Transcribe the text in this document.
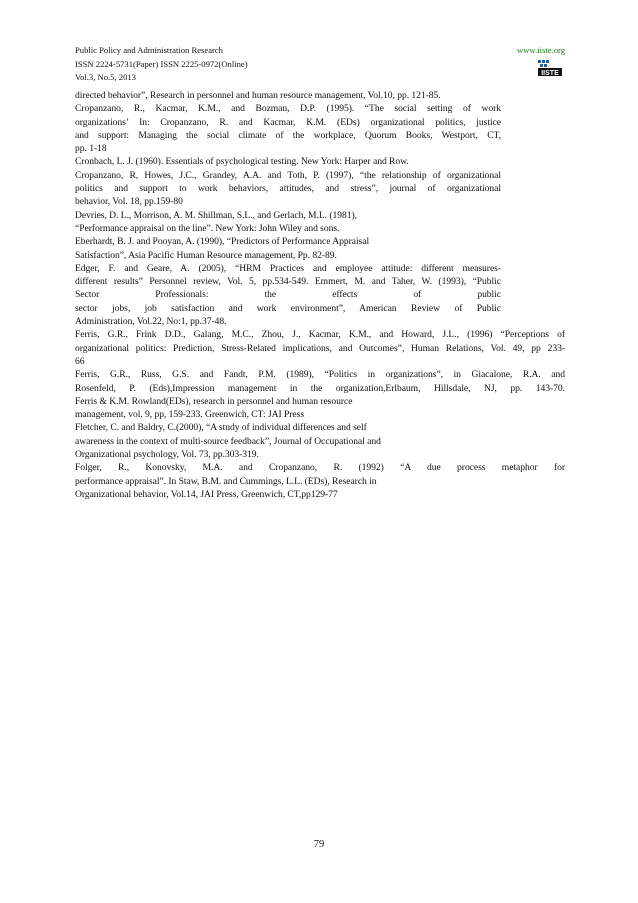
Public Policy and Administration Research
ISSN 2224-5731(Paper) ISSN 2225-0972(Online)
Vol.3, No.5, 2013
www.iiste.org
IISTE
directed behavior”, Research in personnel and human resource management, Vol.10, pp. 121-85.
Cropanzano, R., Kacmar, K.M., and Bozman, D.P. (1995). “The social setting of work
organizations’ In: Cropanzano, R. and Kacmar, K.M. (EDs) organizational politics, justice
and support: Managing the social climate of the workplace, Quorum Books, Westport, CT,
pp. 1-18
Cronbach, L. J. (1960). Essentials of psychological testing. New York: Harper and Row.
Cropanzano, R, Howes, J.C., Grandey, A.A. and Toth, P. (1997), “the relationship of organizational
politics and support to work behaviors, attitudes, and stress”, journal of organizational
behavior, Vol. 18, pp.159-80
Devries, D. L., Morrison, A. M. Shillman, S.L., and Gerlach, M.L. (1981),
“Performance appraisal on the line”. New York: John Wiley and sons.
Eberhardt, B. J. and Pooyan, A. (1990), “Predictors of Performance Appraisal
Satisfaction”, Asia Pacific Human Resource management, Pp. 82-89.
Edger, F. and Geare, A. (2005), “HRM Practices and employee attitude: different measures-
different results” Personnel review, Vol. 5, pp.534-549. Emmert, M. and Taher, W. (1993), “Public
Sector Professionals: the effects of public
sector jobs, job satisfaction and work environment”, American Review of Public
Administration, Vol.22, No:1, pp.37-48.
Ferris, G.R., Frink D.D., Galang, M.C., Zhou, J., Kacmar, K.M., and Howard, J.L., (1996) “Perceptions of
organizational politics: Prediction, Stress-Related implications, and Outcomes”, Human Relations, Vol. 49, pp 233-
66
Ferris, G.R., Russ, G.S. and Fandt, P.M. (1989), “Politics in organizations”, in Giacalone, R.A. and
Rosenfeld, P. (Eds),Impression management in the organization,Erlbaum, Hillsdale, NJ, pp. 143-70.
Ferris & K.M. Rowland(EDs), research in personnel and human resource
management, vol. 9, pp, 159-233. Greenwich, CT: JAI Press
Fletcher, C. and Baldry, C.(2000), “A study of individual differences and self
awareness in the context of multi-source feedback”, Journal of Occupational and
Organizational psychology, Vol. 73, pp.303-319.
Folger, R., Konovsky, M.A. and Cropanzano, R. (1992) “A due process metaphor for
performance appraisal”. In Staw, B.M. and Cummings, L.L. (EDs), Research in
Organizational behavior, Vol.14, JAI Press, Greenwich, CT,pp129-77
79
